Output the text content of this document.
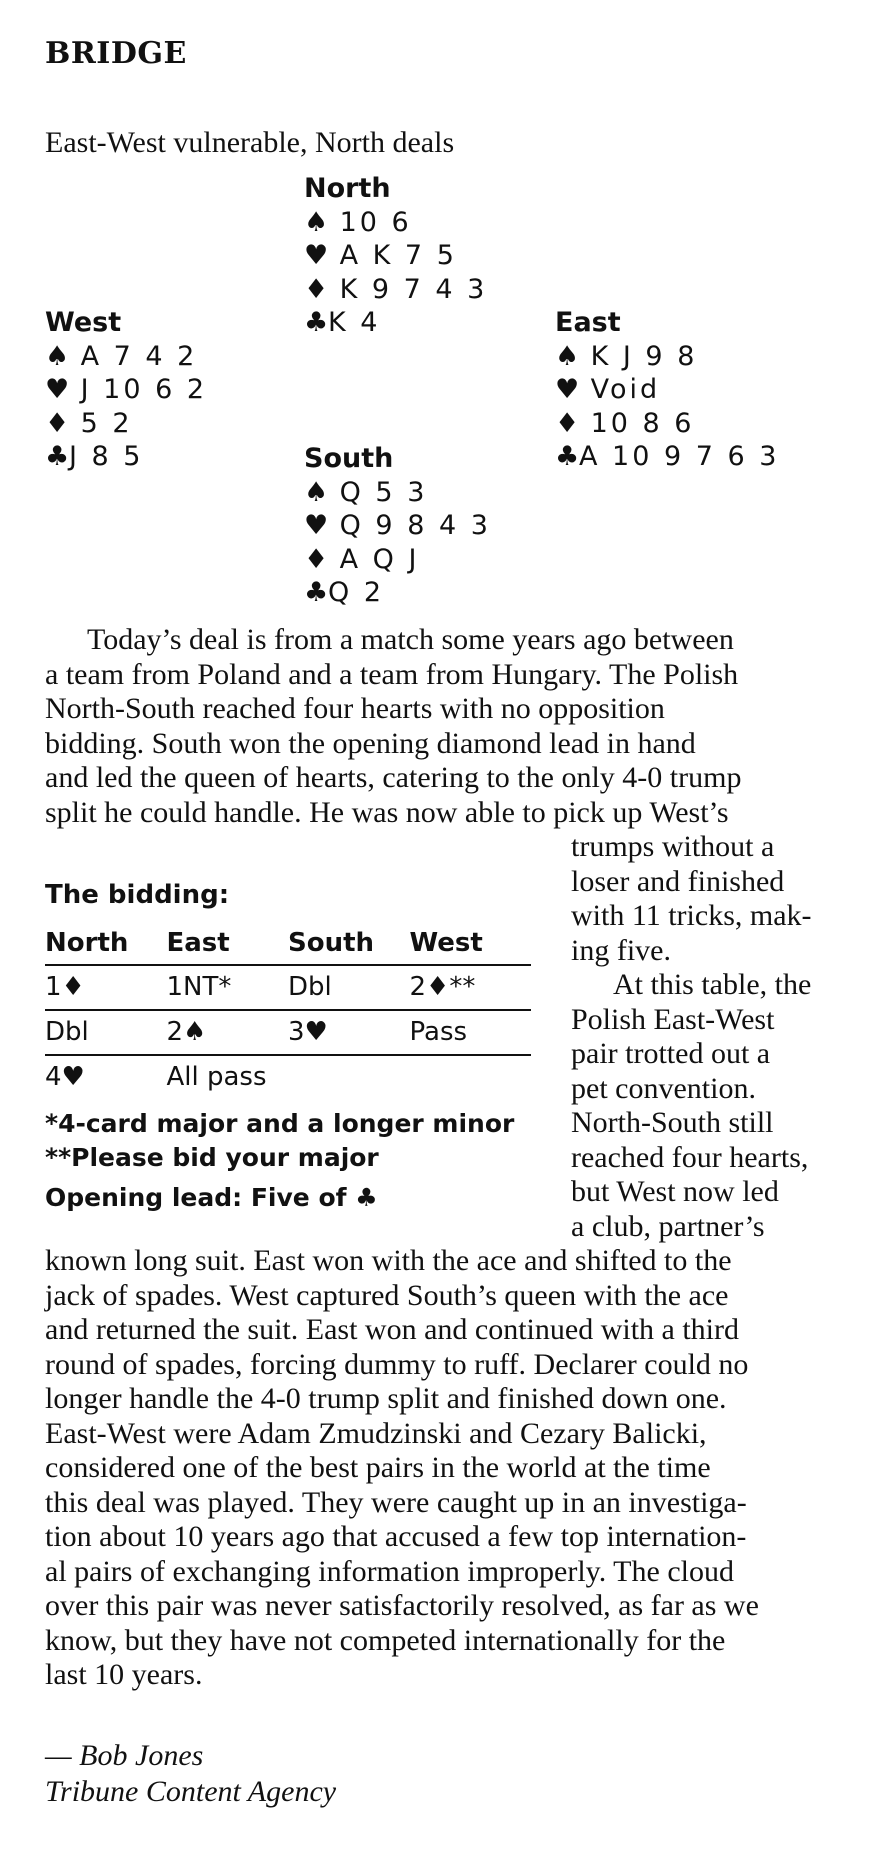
BRIDGE
East-West vulnerable, North deals
North
♠ 10 6
♥ A K 7 5
♦ K 9 7 4 3
♣K 4
West
♠ A 7 4 2
♥ J 10 6 2
♦ 5 2
♣J 8 5
East
♠ K J 9 8
♥ Void
♦ 10 8 6
♣A 10 9 7 6 3
South
♠ Q 5 3
♥ Q 9 8 4 3
♦ A Q J
♣Q 2
Today’s deal is from a match some years ago between
a team from Poland and a team from Hungary. The Polish
North-South reached four hearts with no opposition
bidding. South won the opening diamond lead in hand
and led the queen of hearts, catering to the only 4-0 trump
split he could handle. He was now able to pick up West’s
trumps without a
loser and finished
with 11 tricks, mak-
ing five.
At this table, the
Polish East-West
pair trotted out a
pet convention.
North-South still
reached four hearts,
but West now led
a club, partner’s
The bidding:
North	East	South	West
1♦	1NT*	Dbl	2♦**
Dbl	2♠	3♥	Pass
4♥	All pass		
*4-card major and a longer minor
**Please bid your major
Opening lead: Five of ♣
known long suit. East won with the ace and shifted to the
jack of spades. West captured South’s queen with the ace
and returned the suit. East won and continued with a third
round of spades, forcing dummy to ruff. Declarer could no
longer handle the 4-0 trump split and finished down one.
East-West were Adam Zmudzinski and Cezary Balicki,
considered one of the best pairs in the world at the time
this deal was played. They were caught up in an investiga-
tion about 10 years ago that accused a few top internation-
al pairs of exchanging information improperly. The cloud
over this pair was never satisfactorily resolved, as far as we
know, but they have not competed internationally for the
last 10 years.
— Bob Jones
Tribune Content Agency
